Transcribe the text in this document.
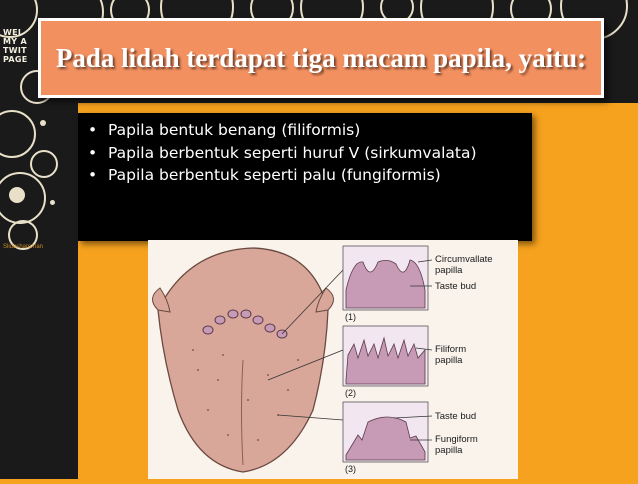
WEL
MY A
TWIT
PAGE
Slideshare/rian
Pada lidah terdapat tiga macam papila, yaitu:
• Papila bentuk benang (filiformis)
• Papila berbentuk seperti huruf V (sirkumvalata)
• Papila berbentuk seperti palu (fungiformis)
Circumvallate papilla
Taste bud
Filiform papilla
Taste bud
Fungiform papilla
(1)
(2)
(3)
